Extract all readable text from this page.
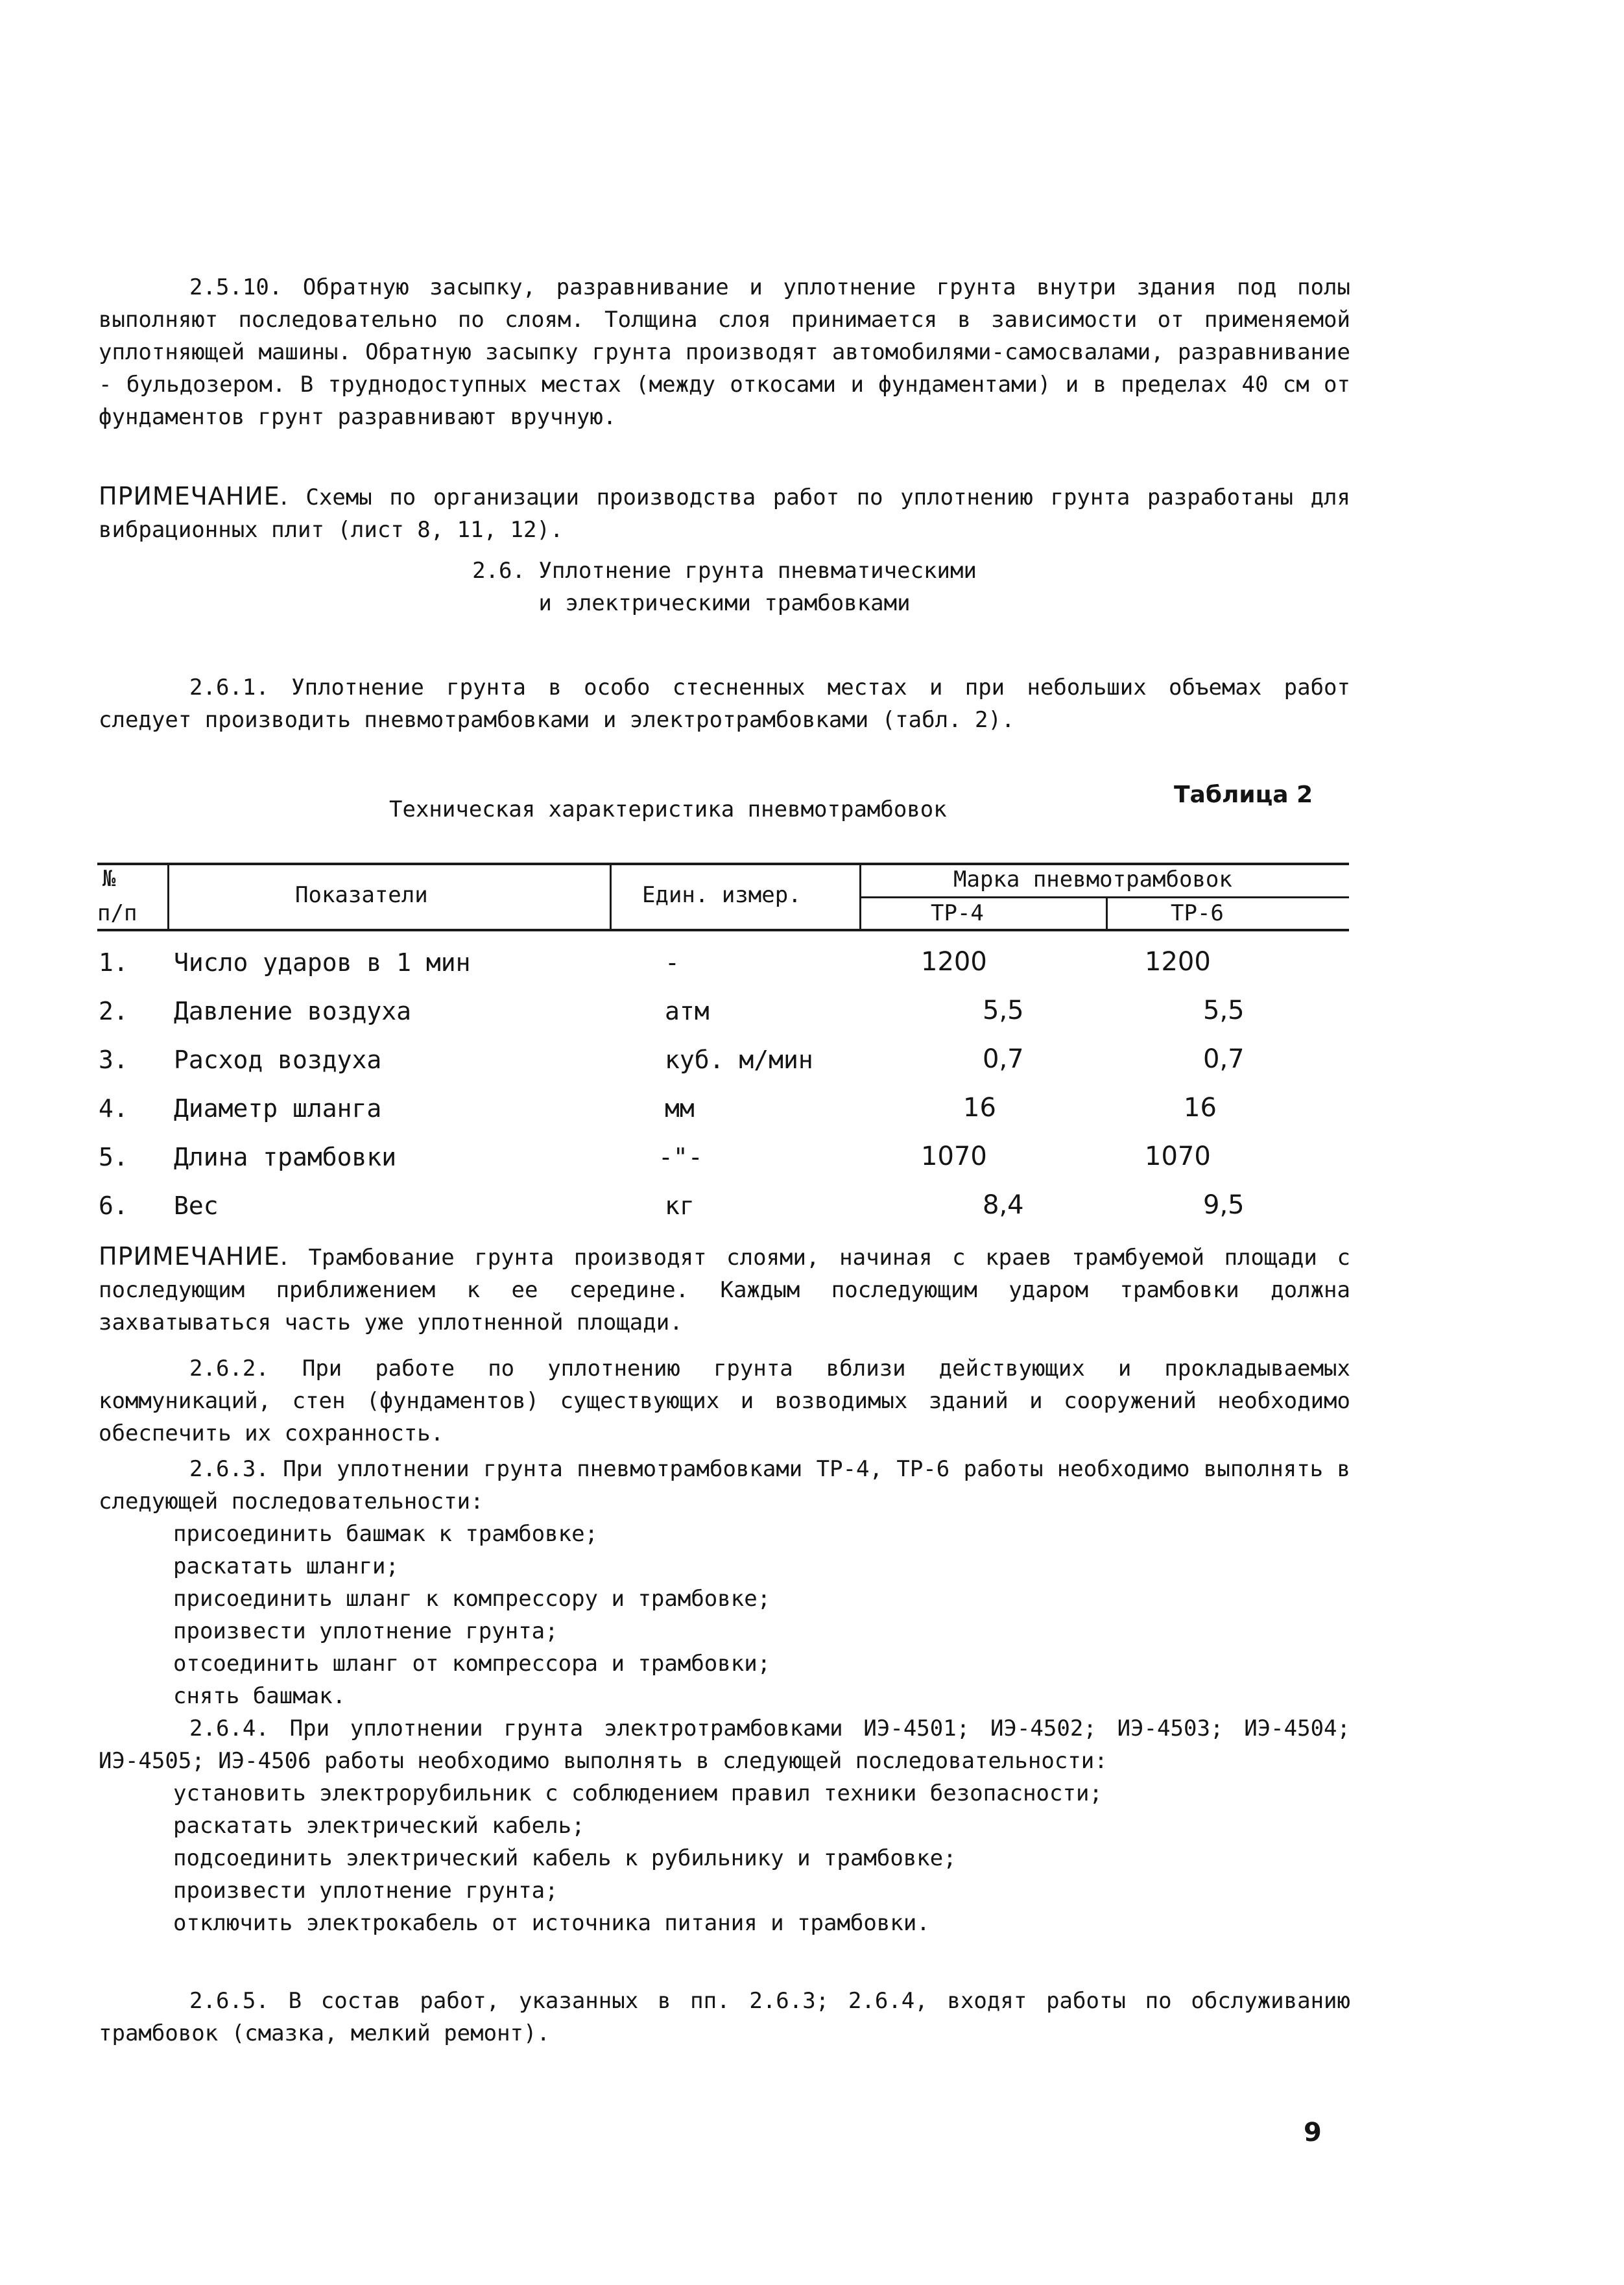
2.5.10. Обратную засыпку, разравнивание и уплотнение грунта внутри здания под полы выполняют последовательно по слоям. Толщина слоя принимается в зависимости от применяемой уплотняющей машины. Обратную засыпку грунта производят автомобилями-самосвалами, разравнивание - бульдозером. В труднодоступных местах (между откосами и фундаментами) и в пределах 40 см от фундаментов грунт разравнивают вручную.

ПРИМЕЧАНИЕ. Схемы по организации производства работ по уплотнению грунта разработаны для вибрационных плит (лист 8, 11, 12).

2.6. Уплотнение грунта пневматическими

и электрическими трамбовками

2.6.1. Уплотнение грунта в особо стесненных местах и при небольших объемах работ следует производить пневмотрамбовками и электротрамбовками (табл. 2).

Таблица 2
Техническая характеристика пневмотрамбовок
№
п/п
Показатели	Един. измер.
Марка пневмотрамбовок
ТР-4	ТР-6
1. Число ударов в 1 мин	-	1200	1200
2. Давление воздуха	атм	5,5	5,5
3. Расход воздуха	куб. м/мин	0,7	0,7
4. Диаметр шланга	мм	16	16
5. Длина трамбовки	-"-	1070	1070
6. Вес	кг	8,4	9,5

ПРИМЕЧАНИЕ. Трамбование грунта производят слоями, начиная с краев трамбуемой площади с последующим приближением к ее середине. Каждым последующим ударом трамбовки должна захватываться часть уже уплотненной площади.

2.6.2. При работе по уплотнению грунта вблизи действующих и прокладываемых коммуникаций, стен (фундаментов) существующих и возводимых зданий и сооружений необходимо обеспечить их сохранность.

2.6.3. При уплотнении грунта пневмотрамбовками ТР-4, ТР-6 работы необходимо выполнять в следующей последовательности:

присоединить башмак к трамбовке;

раскатать шланги;

присоединить шланг к компрессору и трамбовке;

произвести уплотнение грунта;

отсоединить шланг от компрессора и трамбовки;

снять башмак.

2.6.4. При уплотнении грунта электротрамбовками ИЭ-4501; ИЭ-4502; ИЭ-4503; ИЭ-4504; ИЭ-4505; ИЭ-4506 работы необходимо выполнять в следующей последовательности:

установить электрорубильник с соблюдением правил техники безопасности;

раскатать электрический кабель;

подсоединить электрический кабель к рубильнику и трамбовке;

произвести уплотнение грунта;

отключить электрокабель от источника питания и трамбовки.

2.6.5. В состав работ, указанных в пп. 2.6.3; 2.6.4, входят работы по обслуживанию трамбовок (смазка, мелкий ремонт).

9
